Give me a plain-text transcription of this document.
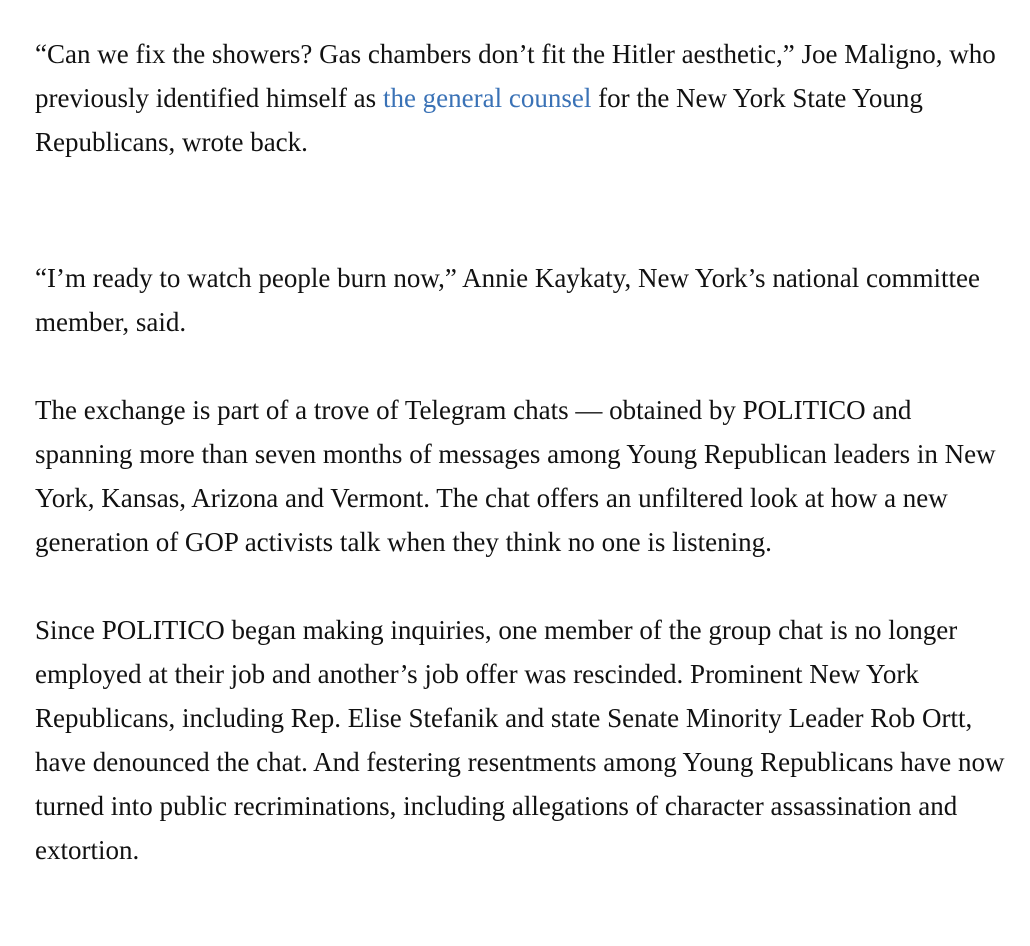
“Can we fix the showers? Gas chambers don’t fit the Hitler aesthetic,” Joe Maligno, who previously identified himself as the general counsel for the New York State Young Republicans, wrote back.

“I’m ready to watch people burn now,” Annie Kaykaty, New York’s national committee member, said.

The exchange is part of a trove of Telegram chats — obtained by POLITICO and spanning more than seven months of messages among Young Republican leaders in New York, Kansas, Arizona and Vermont. The chat offers an unfiltered look at how a new generation of GOP activists talk when they think no one is listening.

Since POLITICO began making inquiries, one member of the group chat is no longer employed at their job and another’s job offer was rescinded. Prominent New York Republicans, including Rep. Elise Stefanik and state Senate Minority Leader Rob Ortt, have denounced the chat. And festering resentments among Young Republicans have now turned into public recriminations, including allegations of character assassination and extortion.
